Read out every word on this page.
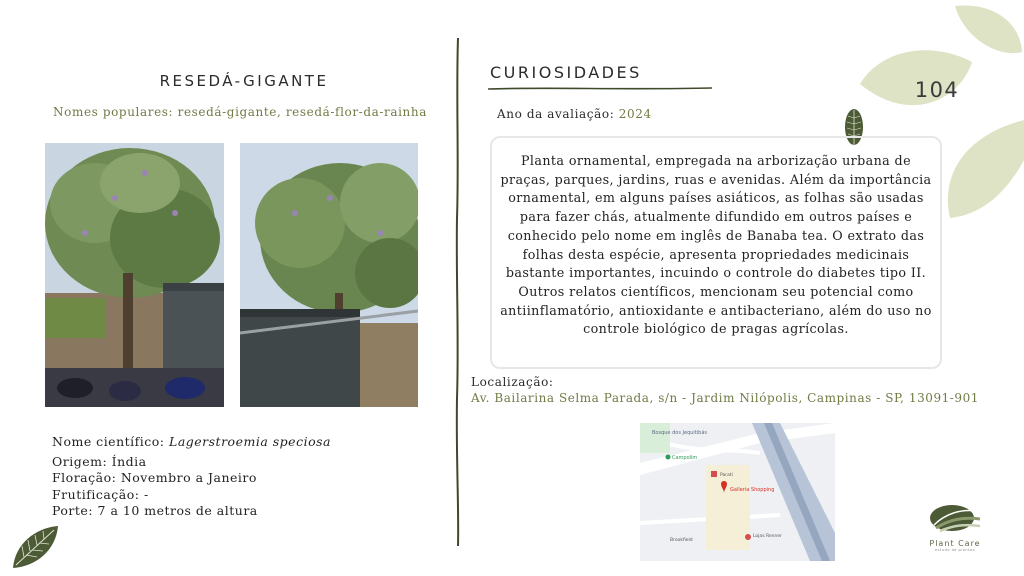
104
RESEDÁ-GIGANTE
Nomes populares: resedá-gigante, resedá-flor-da-rainha
Nome científico: Lagerstroemia speciosa
Origem: Índia
Floração: Novembro a Janeiro
Frutificação: -
Porte: 7 a 10 metros de altura
CURIOSIDADES
Ano da avaliação: 2024

Planta ornamental, empregada na arborização urbana de praças, parques, jardins, ruas e avenidas. Além da importância ornamental, em alguns países asiáticos, as folhas são usadas para fazer chás, atualmente difundido em outros países e conhecido pelo nome em inglês de Banaba tea. O extrato das folhas desta espécie, apresenta propriedades medicinais bastante importantes, incuindo o controle do diabetes tipo II. Outros relatos científicos, mencionam seu potencial como antiinflamatório, antioxidante e antibacteriano, além do uso no controle biológico de pragas agrícolas.

Localização:
Av. Bailarina Selma Parada, s/n - Jardim Nilópolis, Campinas - SP, 13091-901
Bosque dos Jequitibás
Campolim
Parati
Galleria Shopping
Lojas Renner
Brookfield	Plant Care
estudo de plantas
